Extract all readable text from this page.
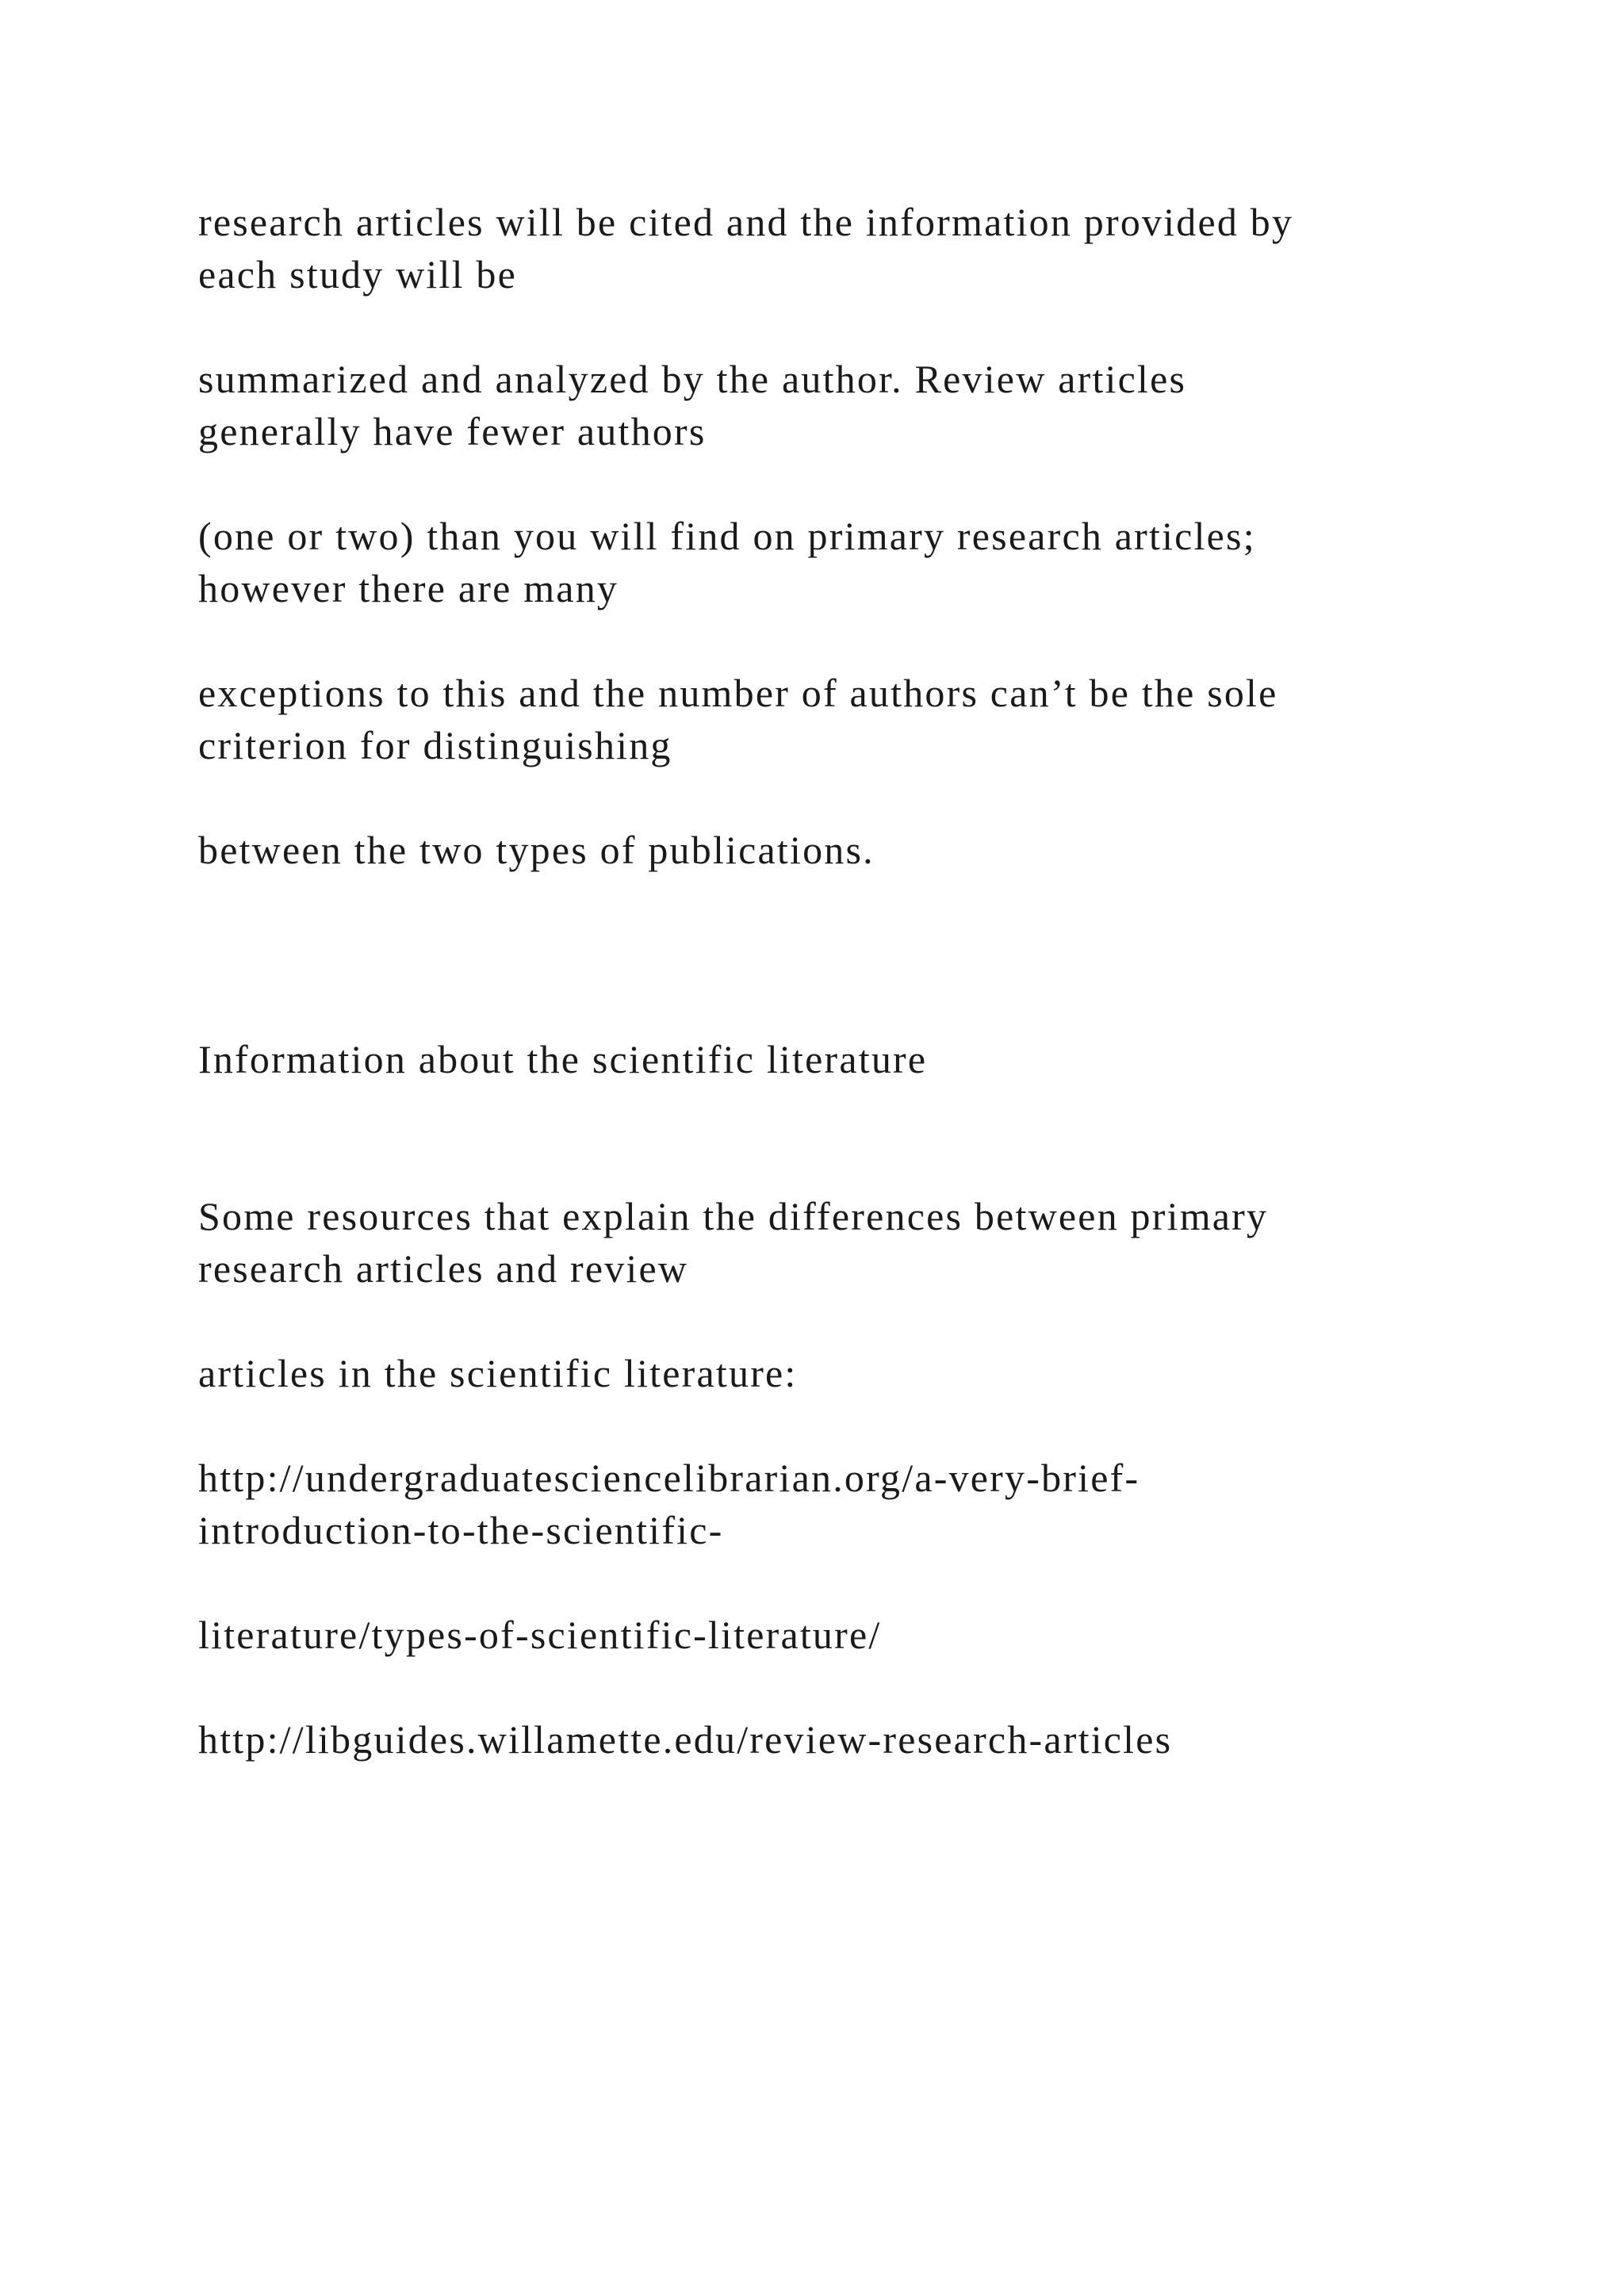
research articles will be cited and the information provided by
each study will be
summarized and analyzed by the author. Review articles
generally have fewer authors
(one or two) than you will find on primary research articles;
however there are many
exceptions to this and the number of authors can’t be the sole
criterion for distinguishing
between the two types of publications.
Information about the scientific literature
Some resources that explain the differences between primary
research articles and review
articles in the scientific literature:
http://undergraduatesciencelibrarian.org/a-very-brief-
introduction-to-the-scientific-
literature/types-of-scientific-literature/
http://libguides.willamette.edu/review-research-articles
